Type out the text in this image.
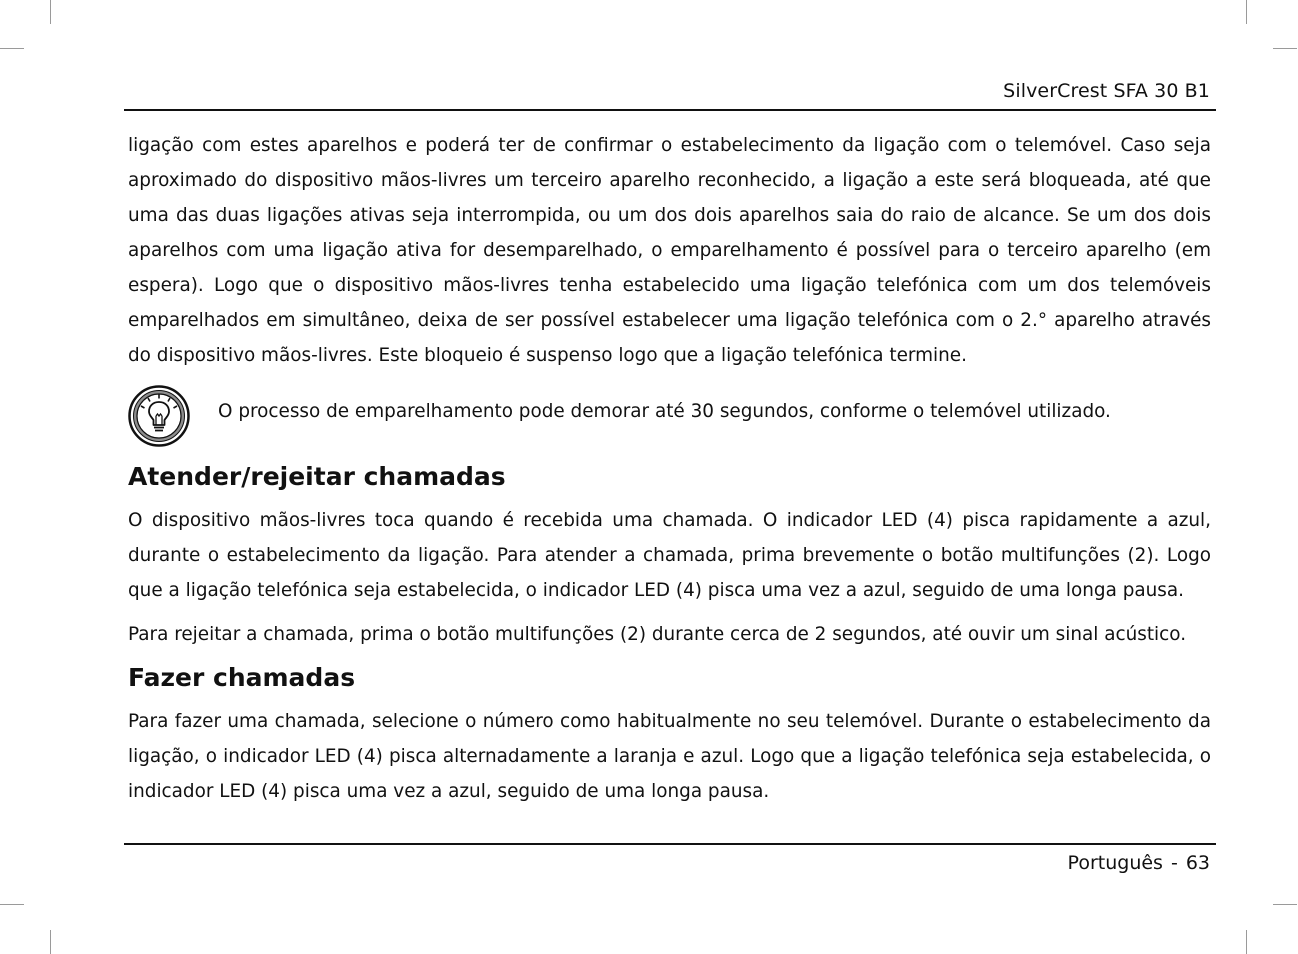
SilverCrest SFA 30 B1

ligação com estes aparelhos e poderá ter de confirmar o estabelecimento da ligação com o telemóvel. Caso seja aproximado do dispositivo mãos-livres um terceiro aparelho reconhecido, a ligação a este será bloqueada, até que uma das duas ligações ativas seja interrompida, ou um dos dois aparelhos saia do raio de alcance. Se um dos dois aparelhos com uma ligação ativa for desemparelhado, o emparelhamento é possível para o terceiro aparelho (em espera). Logo que o dispositivo mãos-livres tenha estabelecido uma ligação telefónica com um dos telemóveis emparelhados em simultâneo, deixa de ser possível estabelecer uma ligação telefónica com o 2.° aparelho através do dispositivo mãos-livres. Este bloqueio é suspenso logo que a ligação telefónica termine.

O processo de emparelhamento pode demorar até 30 segundos, conforme o telemóvel utilizado.
Atender/rejeitar chamadas

O dispositivo mãos-livres toca quando é recebida uma chamada. O indicador LED (4) pisca rapidamente a azul, durante o estabelecimento da ligação. Para atender a chamada, prima brevemente o botão multifunções (2). Logo que a ligação telefónica seja estabelecida, o indicador LED (4) pisca uma vez a azul, seguido de uma longa pausa.

Para rejeitar a chamada, prima o botão multifunções (2) durante cerca de 2 segundos, até ouvir um sinal acústico.

Fazer chamadas

Para fazer uma chamada, selecione o número como habitualmente no seu telemóvel. Durante o estabelecimento da ligação, o indicador LED (4) pisca alternadamente a laranja e azul. Logo que a ligação telefónica seja estabelecida, o indicador LED (4) pisca uma vez a azul, seguido de uma longa pausa.

Português - 63
